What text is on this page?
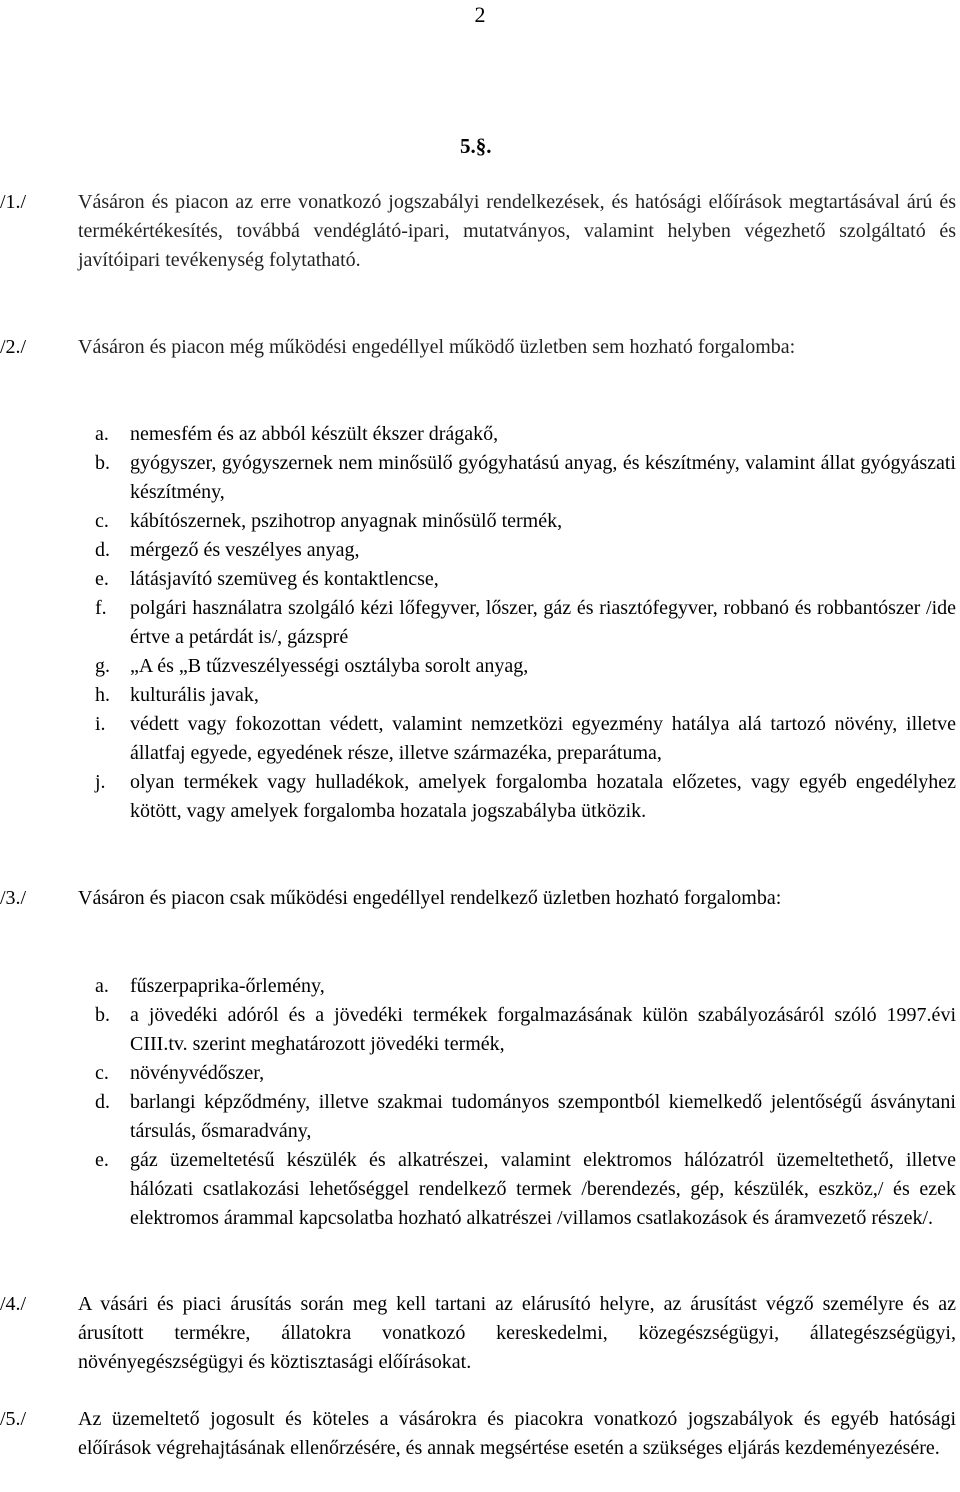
2
5.§.
/1./	Vásáron és piacon az erre vonatkozó jogszabályi rendelkezések, és hatósági előírások megtartásával árú és termékértékesítés, továbbá vendéglátó-ipari, mutatványos, valamint helyben végezhető szolgáltató és javítóipari tevékenység folytatható.
/2./	Vásáron és piacon még működési engedéllyel működő üzletben sem hozható forgalomba:
a. nemesfém és az abból készült ékszer drágakő,
b. gyógyszer, gyógyszernek nem minősülő gyógyhatású anyag, és készítmény, valamint állat gyógyászati készítmény,
c. kábítószernek, pszihotrop anyagnak minősülő termék,
d. mérgező és veszélyes anyag,
e. látásjavító szemüveg és kontaktlencse,
f. polgári használatra szolgáló kézi lőfegyver, lőszer, gáz és riasztófegyver, robbanó és robbantószer /ide értve a petárdát is/, gázspré
g. „A és „B tűzveszélyességi osztályba sorolt anyag,
h. kulturális javak,
i. védett vagy fokozottan védett, valamint nemzetközi egyezmény hatálya alá tartozó növény, illetve állatfaj egyede, egyedének része, illetve származéka, preparátuma,
j. olyan termékek vagy hulladékok, amelyek forgalomba hozatala előzetes, vagy egyéb engedélyhez kötött, vagy amelyek forgalomba hozatala jogszabályba ütközik.
/3./	Vásáron és piacon csak működési engedéllyel rendelkező üzletben hozható forgalomba:
a. fűszerpaprika-őrlemény,
b. a jövedéki adóról és a jövedéki termékek forgalmazásának külön szabályozásáról szóló 1997.évi CIII.tv. szerint meghatározott jövedéki termék,
c. növényvédőszer,
d. barlangi képződmény, illetve szakmai tudományos szempontból kiemelkedő jelentőségű ásványtani társulás, ősmaradvány,
e. gáz üzemeltetésű készülék és alkatrészei, valamint elektromos hálózatról üzemeltethető, illetve hálózati csatlakozási lehetőséggel rendelkező termek /berendezés, gép, készülék, eszköz,/ és ezek elektromos árammal kapcsolatba hozható alkatrészei /villamos csatlakozások és áramvezető részek/.
/4./	A vásári és piaci árusítás során meg kell tartani az elárusító helyre, az árusítást végző személyre és az árusított termékre, állatokra vonatkozó kereskedelmi, közegészségügyi, állategészségügyi, növényegészségügyi és köztisztasági előírásokat.
/5./	Az üzemeltető jogosult és köteles a vásárokra és piacokra vonatkozó jogszabályok és egyéb hatósági előírások végrehajtásának ellenőrzésére, és annak megsértése esetén a szükséges eljárás kezdeményezésére.
